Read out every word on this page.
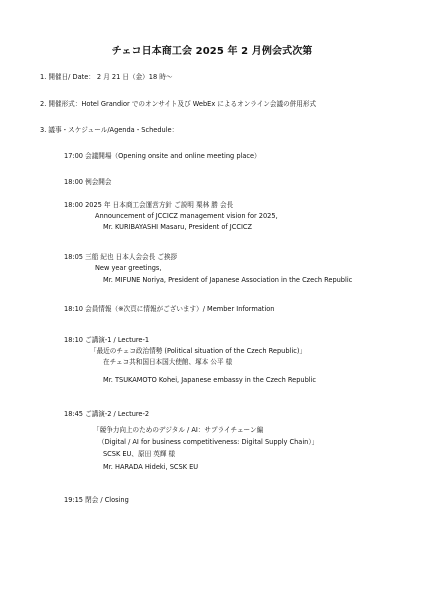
チェコ日本商工会 2025 年 2 月例会式次第
1. 開催日/ Date： 2 月 21 日（金）18 時～
2. 開催形式：Hotel Grandior でのオンサイト及び WebEx によるオンライン会議の併用形式
3. 議事・スケジュール/Agenda・Schedule：
17:00 会議開場（Opening onsite and online meeting place）
18:00 例会開会
18:00 2025 年 日本商工会運営方針 ご説明 栗林 勝 会長
Announcement of JCCICZ management vision for 2025,
Mr. KURIBAYASHI Masaru, President of JCCICZ
18:05 三船 紀也 日本人会会長 ご挨拶
New year greetings,
Mr. MIFUNE Noriya, President of Japanese Association in the Czech Republic
18:10 会員情報（※次頁に情報がございます）/ Member Information
18:10 ご講演-1 / Lecture-1
「最近のチェコ政治情勢 (Political situation of the Czech Republic)」
在チェコ共和国日本国大使館、塚本 公平 様
Mr. TSUKAMOTO Kohei, Japanese embassy in the Czech Republic
18:45 ご講演-2 / Lecture-2
「競争力向上のためのデジタル / AI：サプライチェーン編
（Digital / AI for business competitiveness: Digital Supply Chain）」
SCSK EU、原田 英輝 様
Mr. HARADA Hideki, SCSK EU
19:15 閉会 / Closing
